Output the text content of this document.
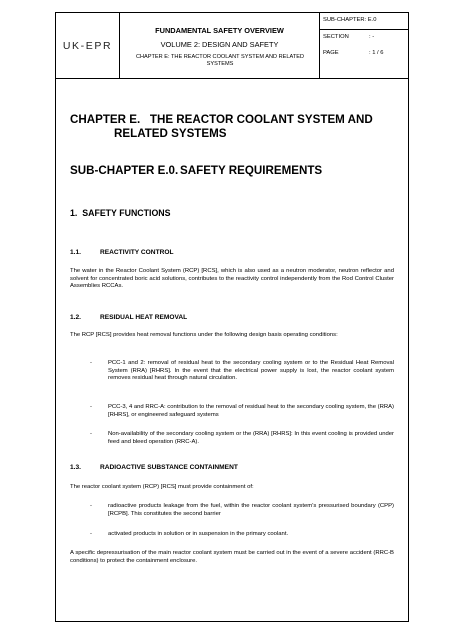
UK-EPR
FUNDAMENTAL SAFETY OVERVIEW
VOLUME 2: DESIGN AND SAFETY
CHAPTER E: THE REACTOR COOLANT SYSTEM AND RELATED SYSTEMS
SUB-CHAPTER: E.0
SECTION	: -
PAGE	: 1 / 6
CHAPTER E.   THE REACTOR COOLANT SYSTEM AND
RELATED SYSTEMS
SUB-CHAPTER E.0. SAFETY REQUIREMENTS
1.  SAFETY FUNCTIONS
1.1.	REACTIVITY CONTROL
The water in the Reactor Coolant System (RCP) [RCS], which is also used as a neutron moderator, neutron reflector and solvent for concentrated boric acid solutions, contributes to the reactivity control independently from the Rod Control Cluster Assemblies RCCAs.
1.2.	RESIDUAL HEAT REMOVAL
The RCP [RCS] provides heat removal functions under the following design basis operating conditions:
-	PCC-1 and 2: removal of residual heat to the secondary cooling system or to the Residual Heat Removal System (RRA) [RHRS]. In the event that the electrical power supply is lost, the reactor coolant system removes residual heat through natural circulation.
-	PCC-3, 4 and RRC-A: contribution to the removal of residual heat to the secondary cooling system, the (RRA) [RHRS], or engineered safeguard systems
-	Non-availability of the secondary cooling system or the (RRA) [RHRS]: In this event cooling is provided under feed and bleed operation (RRC-A).
1.3.	RADIOACTIVE SUBSTANCE CONTAINMENT
The reactor coolant system (RCP) [RCS] must provide containment of:
-	radioactive products leakage from the fuel, within the reactor coolant system’s pressurised boundary (CPP) [RCPB]. This constitutes the second barrier
-	activated products in solution or in suspension in the primary coolant.
A specific depressurisation of the main reactor coolant system must be carried out in the event of a severe accident (RRC-B conditions) to protect the containment enclosure.
